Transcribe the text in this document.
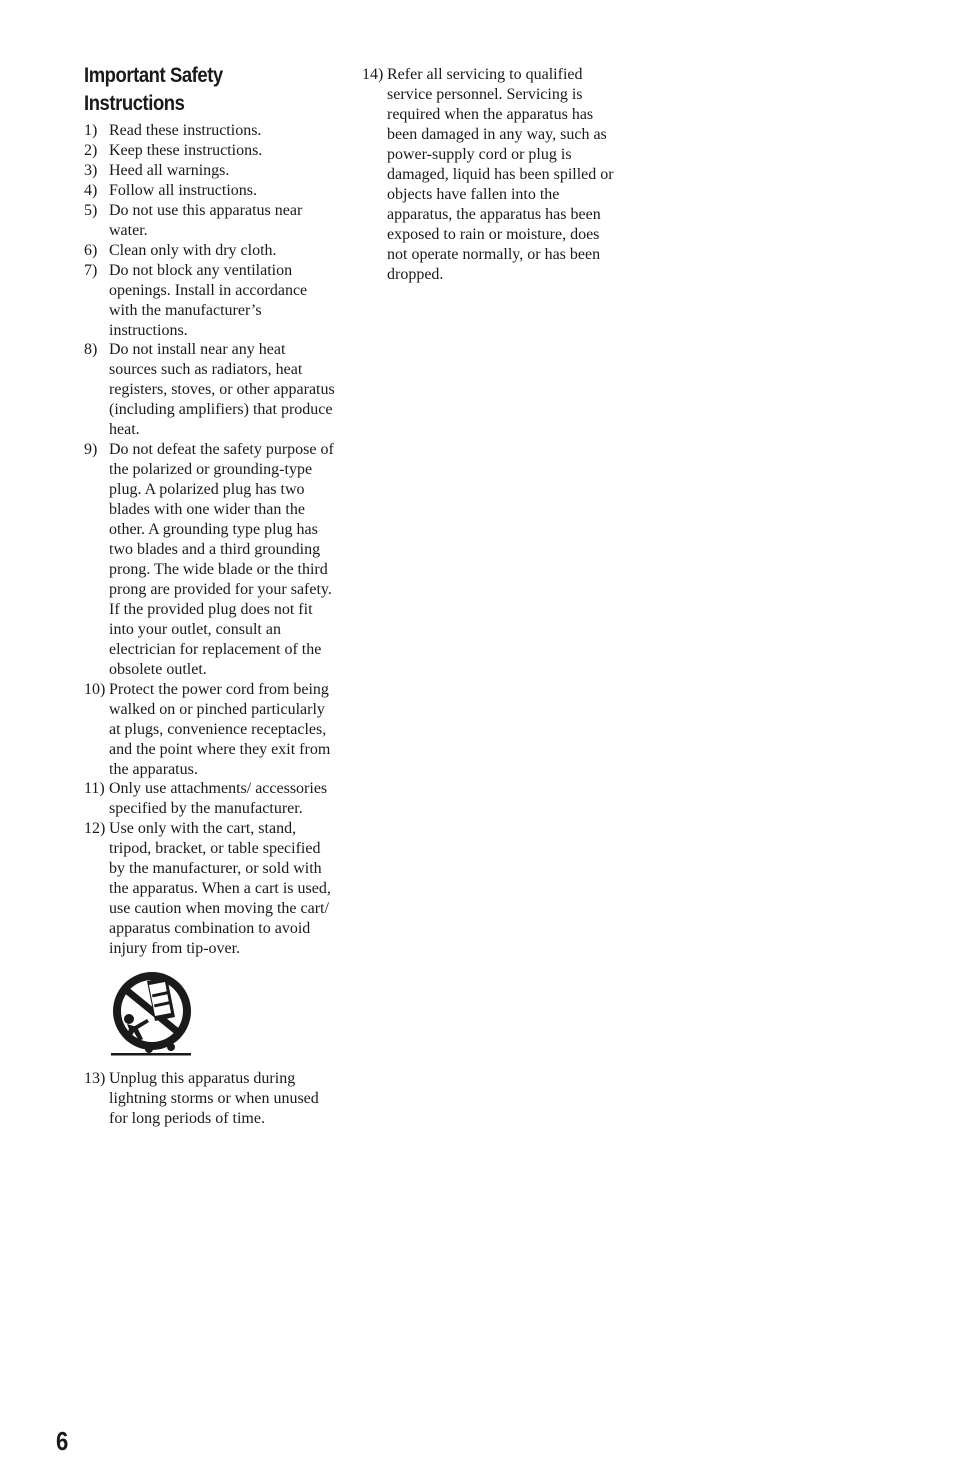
Important Safety
Instructions
1) Read these instructions.
2) Keep these instructions.
3) Heed all warnings.
4) Follow all instructions.
5) Do not use this apparatus near water.
6) Clean only with dry cloth.
7) Do not block any ventilation openings. Install in accordance with the manufacturer’s instructions.
8) Do not install near any heat sources such as radiators, heat registers, stoves, or other apparatus (including amplifiers) that produce heat.
9) Do not defeat the safety purpose of the polarized or grounding-type plug. A polarized plug has two blades with one wider than the other. A grounding type plug has two blades and a third grounding prong. The wide blade or the third prong are provided for your safety. If the provided plug does not fit into your outlet, consult an electrician for replacement of the obsolete outlet.
10) Protect the power cord from being walked on or pinched particularly at plugs, convenience receptacles, and the point where they exit from the apparatus.
11) Only use attachments/ accessories specified by the manufacturer.
12) Use only with the cart, stand, tripod, bracket, or table specified by the manufacturer, or sold with the apparatus. When a cart is used, use caution when moving the cart/ apparatus combination to avoid injury from tip-over.
13) Unplug this apparatus during lightning storms or when unused for long periods of time.
14) Refer all servicing to qualified service personnel. Servicing is required when the apparatus has been damaged in any way, such as power-supply cord or plug is damaged, liquid has been spilled or objects have fallen into the apparatus, the apparatus has been exposed to rain or moisture, does not operate normally, or has been dropped.
6
